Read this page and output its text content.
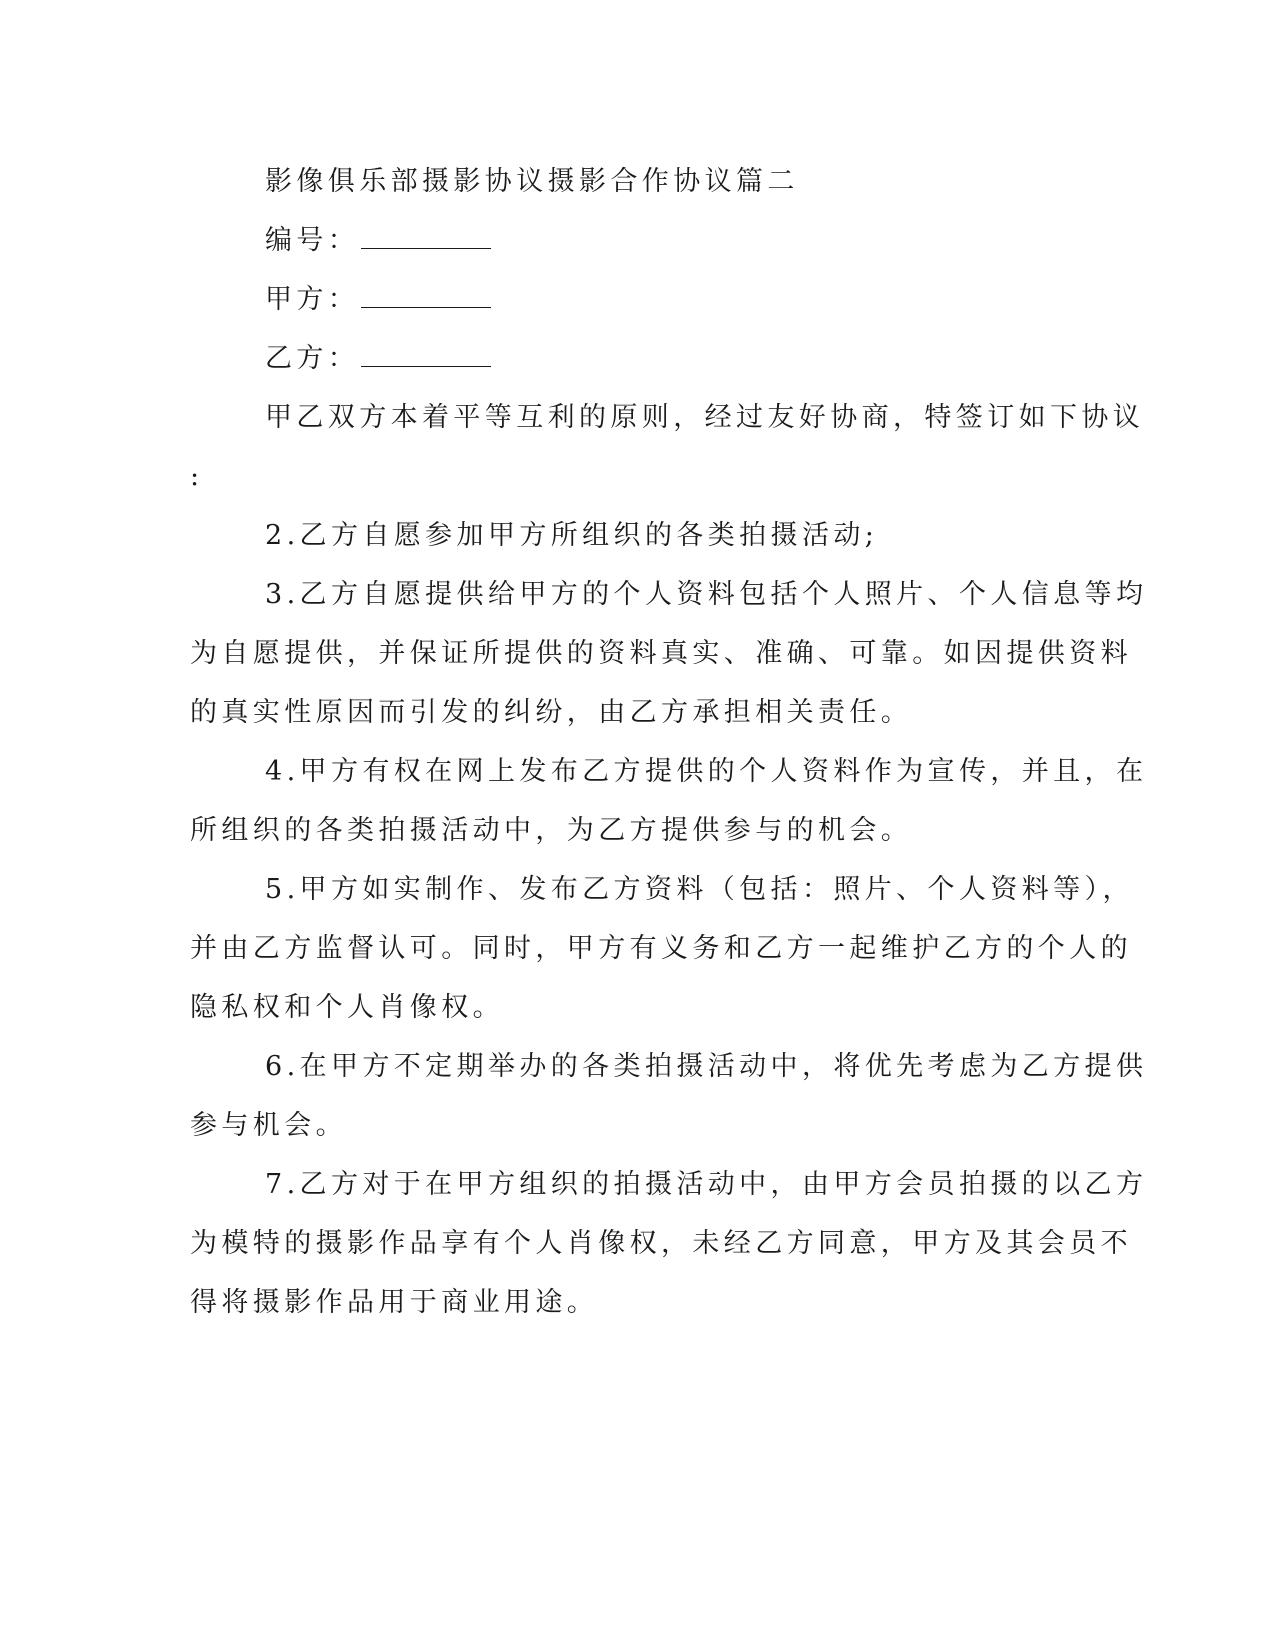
影像俱乐部摄影协议摄影合作协议篇二

编号：

甲方：

乙方：

甲乙双方本着平等互利的原则，经过友好协商，特签订如下协议

:

2.乙方自愿参加甲方所组织的各类拍摄活动;

3.乙方自愿提供给甲方的个人资料包括个人照片、个人信息等均

为自愿提供，并保证所提供的资料真实、准确、可靠。如因提供资料

的真实性原因而引发的纠纷，由乙方承担相关责任。

4.甲方有权在网上发布乙方提供的个人资料作为宣传，并且，在

所组织的各类拍摄活动中，为乙方提供参与的机会。

5.甲方如实制作、发布乙方资料（包括：照片、个人资料等），

并由乙方监督认可。同时，甲方有义务和乙方一起维护乙方的个人的

隐私权和个人肖像权。

6.在甲方不定期举办的各类拍摄活动中，将优先考虑为乙方提供

参与机会。

7.乙方对于在甲方组织的拍摄活动中，由甲方会员拍摄的以乙方

为模特的摄影作品享有个人肖像权，未经乙方同意，甲方及其会员不

得将摄影作品用于商业用途。
